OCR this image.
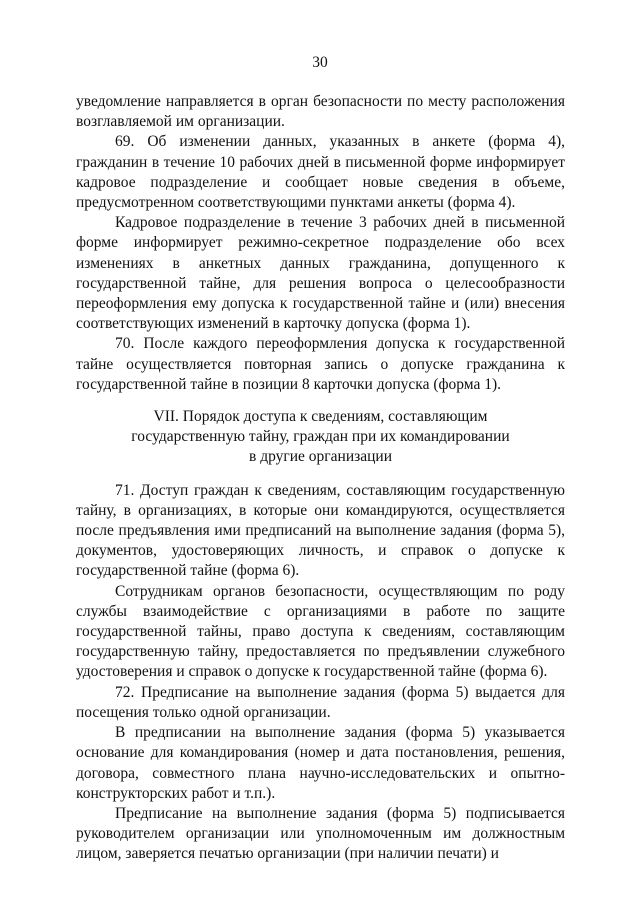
30

уведомление направляется в орган безопасности по месту расположения возглавляемой им организации.

69. Об изменении данных, указанных в анкете (форма 4), гражданин в течение 10 рабочих дней в письменной форме информирует кадровое подразделение и сообщает новые сведения в объеме, предусмотренном соответствующими пунктами анкеты (форма 4).

Кадровое подразделение в течение 3 рабочих дней в письменной форме информирует режимно-секретное подразделение обо всех изменениях в анкетных данных гражданина, допущенного к государственной тайне, для решения вопроса о целесообразности переоформления ему допуска к государственной тайне и (или) внесения соответствующих изменений в карточку допуска (форма 1).

70. После каждого переоформления допуска к государственной тайне осуществляется повторная запись о допуске гражданина к государственной тайне в позиции 8 карточки допуска (форма 1).

VII. Порядок доступа к сведениям, составляющим
государственную тайну, граждан при их командировании
в другие организации

71. Доступ граждан к сведениям, составляющим государственную тайну, в организациях, в которые они командируются, осуществляется после предъявления ими предписаний на выполнение задания (форма 5), документов, удостоверяющих личность, и справок о допуске к государственной тайне (форма 6).

Сотрудникам органов безопасности, осуществляющим по роду службы взаимодействие с организациями в работе по защите государственной тайны, право доступа к сведениям, составляющим государственную тайну, предоставляется по предъявлении служебного удостоверения и справок о допуске к государственной тайне (форма 6).

72. Предписание на выполнение задания (форма 5) выдается для посещения только одной организации.

В предписании на выполнение задания (форма 5) указывается основание для командирования (номер и дата постановления, решения, договора, совместного плана научно-исследовательских и опытно-конструкторских работ и т.п.).

Предписание на выполнение задания (форма 5) подписывается руководителем организации или уполномоченным им должностным лицом, заверяется печатью организации (при наличии печати) и
